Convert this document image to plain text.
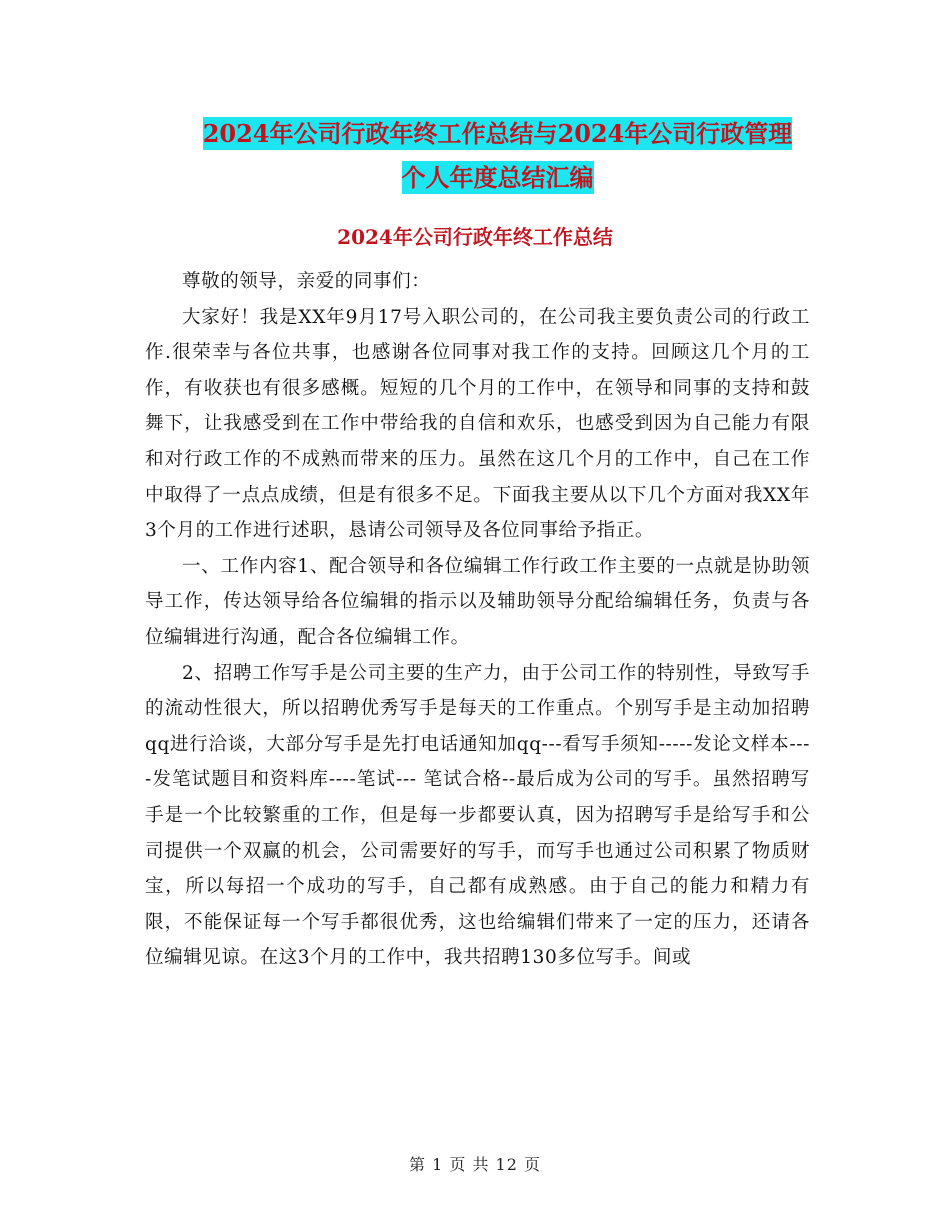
2024年公司行政年终工作总结与2024年公司行政管理
个人年度总结汇编
2024年公司行政年终工作总结

尊敬的领导，亲爱的同事们：

大家好！我是XX年9月17号入职公司的，在公司我主要负责公司的行政工作.很荣幸与各位共事，也感谢各位同事对我工作的支持。回顾这几个月的工作，有收获也有很多感概。短短的几个月的工作中，在领导和同事的支持和鼓舞下，让我感受到在工作中带给我的自信和欢乐，也感受到因为自己能力有限和对行政工作的不成熟而带来的压力。虽然在这几个月的工作中，自己在工作中取得了一点点成绩，但是有很多不足。下面我主要从以下几个方面对我XX年3个月的工作进行述职，恳请公司领导及各位同事给予指正。

一、工作内容1、配合领导和各位编辑工作行政工作主要的一点就是协助领导工作，传达领导给各位编辑的指示以及辅助领导分配给编辑任务，负责与各位编辑进行沟通，配合各位编辑工作。

2、招聘工作写手是公司主要的生产力，由于公司工作的特别性，导致写手的流动性很大，所以招聘优秀写手是每天的工作重点。个别写手是主动加招聘qq进行洽谈，大部分写手是先打电话通知加qq---看写手须知-----发论文样本----发笔试题目和资料库----笔试--- 笔试合格--最后成为公司的写手。虽然招聘写手是一个比较繁重的工作，但是每一步都要认真，因为招聘写手是给写手和公司提供一个双赢的机会，公司需要好的写手，而写手也通过公司积累了物质财宝，所以每招一个成功的写手，自己都有成熟感。由于自己的能力和精力有限，不能保证每一个写手都很优秀，这也给编辑们带来了一定的压力，还请各位编辑见谅。在这3个月的工作中，我共招聘130多位写手。间或

第 1 页 共 12 页
